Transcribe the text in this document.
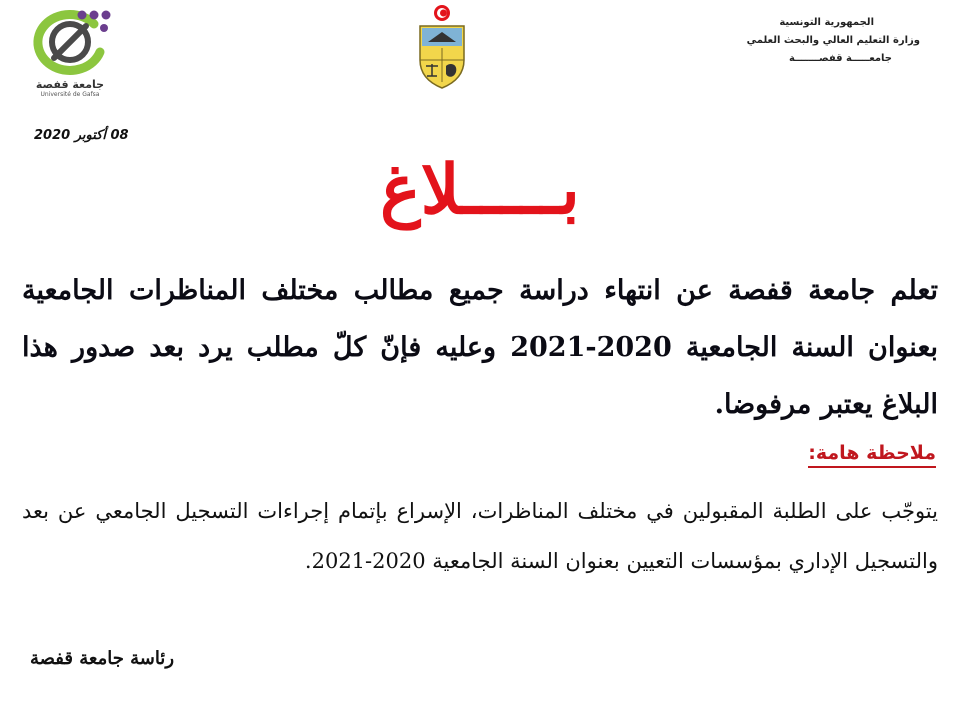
جامعة قفصة
Université de Gafsa
الجمهورية التونسية
وزارة التعليم العالي والبحث العلمي
جامعـــــة قفصـــــــة
08 أكتوبر 2020
بـــــلاغ
تعلم جامعة قفصة عن انتهاء دراسة جميع مطالب مختلف المناظرات الجامعية بعنوان السنة الجامعية 2020-2021 وعليه فإنّ كلّ مطلب يرد بعد صدور هذا البلاغ يعتبر مرفوضا.
ملاحظة هامة:
يتوجّب على الطلبة المقبولين في مختلف المناظرات، الإسراع بإتمام إجراءات التسجيل الجامعي عن بعد والتسجيل الإداري بمؤسسات التعيين بعنوان السنة الجامعية 2020-2021.
رئاسة جامعة قفصة
